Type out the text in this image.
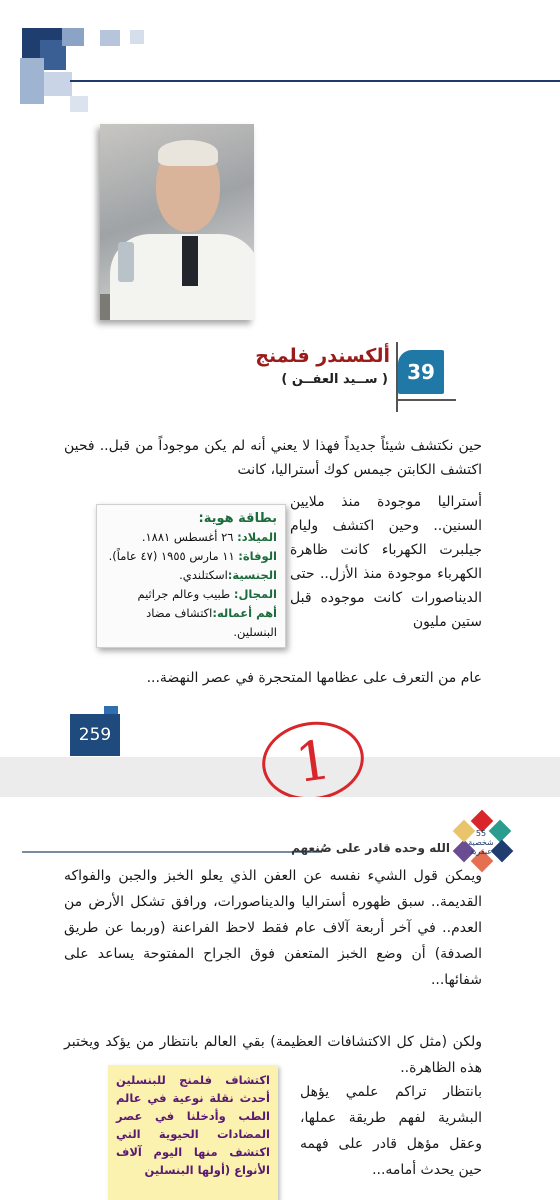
39
ألكسندر فلمنج
( ســيد العفــن )
حين نكتشف شيئاً جديداً فهذا لا يعني أنه لم يكن موجوداً من قبل.. فحين اكتشف الكابتن جيمس كوك أستراليا، كانت
أستراليا موجودة منذ ملايين السنين.. وحين اكتشف وليام جيلبرت الكهرباء كانت ظاهرة الكهرباء موجودة منذ الأزل.. حتى الديناصورات كانت موجوده قبل ستين مليون
عام من التعرف على عظامها المتحجرة في عصر النهضة...
بطاقة هوية:
الميلاد: ٢٦ أغسطس ١٨٨١.
الوفاة: ١١ مارس ١٩٥٥ (٤٧ عاماً).
الجنسية:اسكتلندي.
المجال: طبيب وعالم جراثيم
أهم أعماله:اكتشاف مضاد البنسلين.
259	1
الله وحده قادر على صُنعهم
55 شخصية عبقرية
ويمكن قول الشيء نفسه عن العفن الذي يعلو الخبز والجبن والفواكه القديمة.. سبق ظهوره أستراليا والديناصورات، ورافق تشكل الأرض من العدم.. في آخر أربعة آلاف عام فقط لاحظ الفراعنة (وربما عن طريق الصدفة) أن وضع الخبز المتعفن فوق الجراح المفتوحة يساعد على شفائها...
ولكن (مثل كل الاكتشافات العظيمة) بقي العالم بانتظار من يؤكد ويختبر هذه الظاهرة..
بانتظار تراكم علمي يؤهل البشرية لفهم طريقة عملها، وعقل مؤهل قادر على فهمه حين يحدث أمامه...
اكتشاف فلمنج للبنسلين أحدث نقلة نوعية في عالم الطب وأدخلنا في عصر المضادات الحيوية التي اكتشف منها اليوم آلاف الأنواع (أولها البنسلين
